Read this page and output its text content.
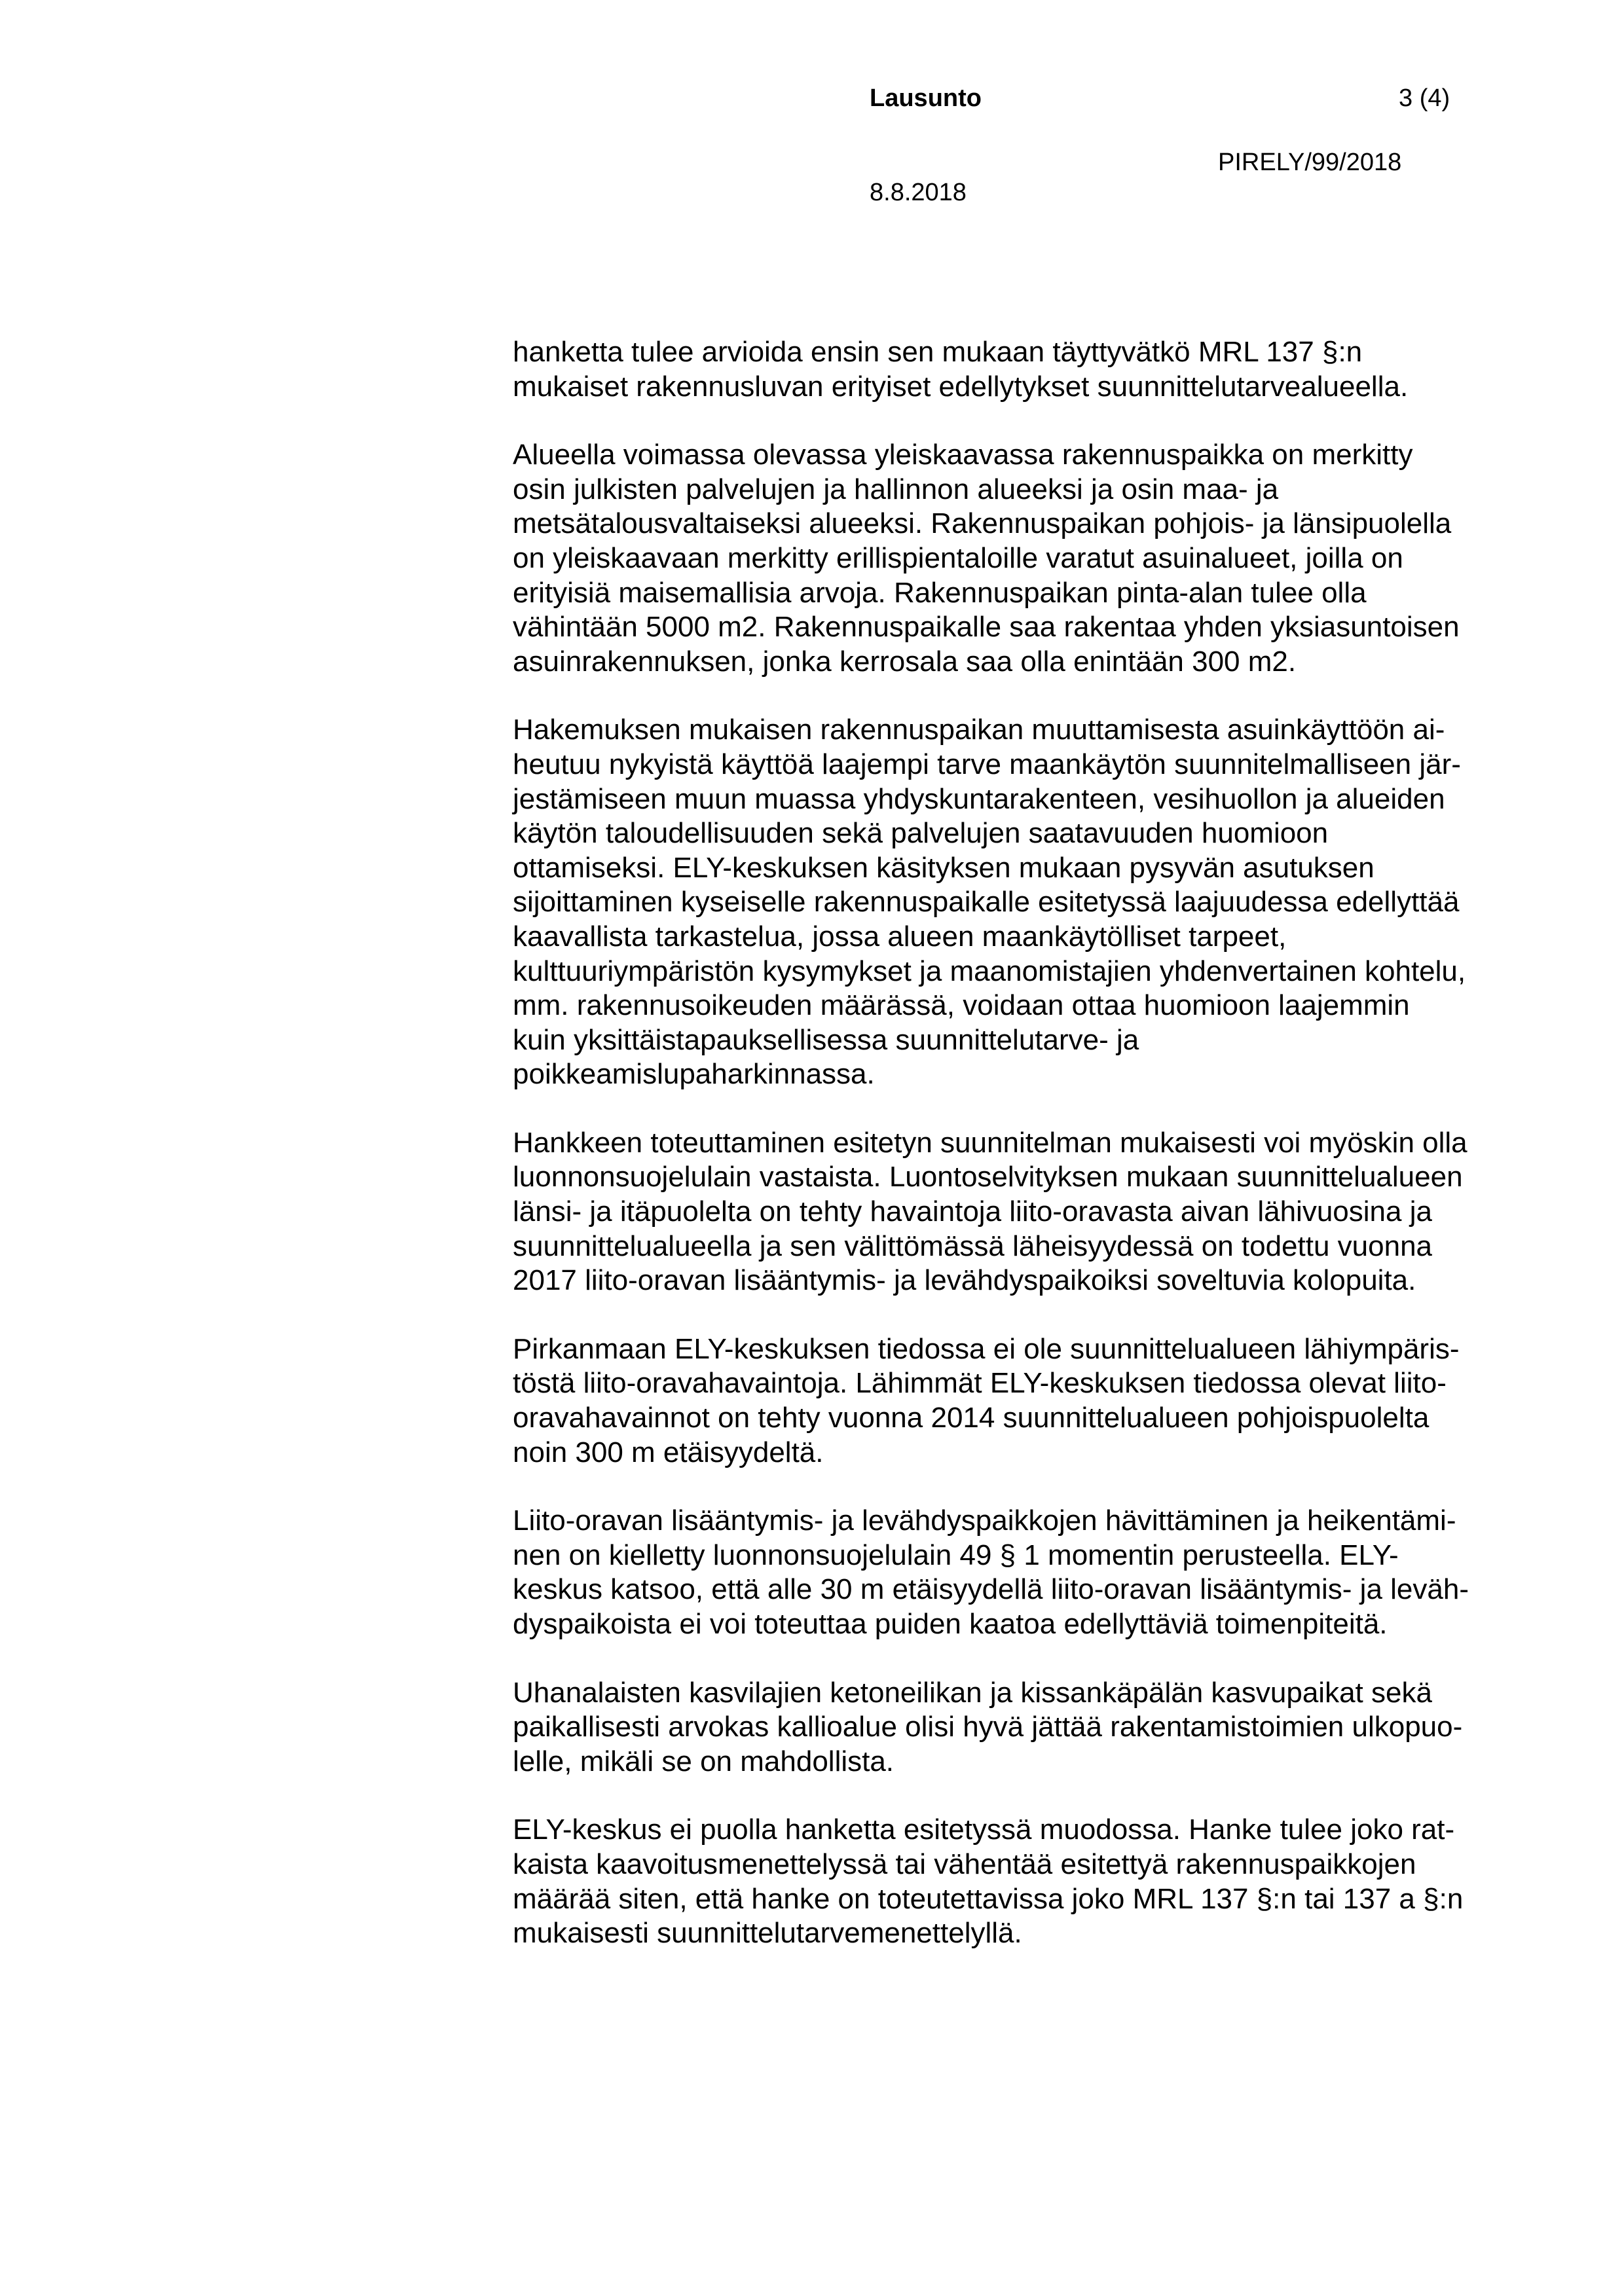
Lausunto	3 (4)
PIRELY/99/2018
8.8.2018
hanketta tulee arvioida ensin sen mukaan täyttyvätkö MRL 137 §:n
mukaiset rakennusluvan erityiset edellytykset suunnittelutarvealueella.
Alueella voimassa olevassa yleiskaavassa rakennuspaikka on merkitty
osin julkisten palvelujen ja hallinnon alueeksi ja osin maa- ja
metsätalousvaltaiseksi alueeksi. Rakennuspaikan pohjois- ja länsipuolella
on yleiskaavaan merkitty erillispientaloille varatut asuinalueet, joilla on
erityisiä maisemallisia arvoja. Rakennuspaikan pinta-alan tulee olla
vähintään 5000 m2. Rakennuspaikalle saa rakentaa yhden yksiasuntoisen
asuinrakennuksen, jonka kerrosala saa olla enintään 300 m2.
Hakemuksen mukaisen rakennuspaikan muuttamisesta asuinkäyttöön ai-
heutuu nykyistä käyttöä laajempi tarve maankäytön suunnitelmalliseen jär-
jestämiseen muun muassa yhdyskuntarakenteen, vesihuollon ja alueiden
käytön taloudellisuuden sekä palvelujen saatavuuden huomioon
ottamiseksi. ELY-keskuksen käsityksen mukaan pysyvän asutuksen
sijoittaminen kyseiselle rakennuspaikalle esitetyssä laajuudessa edellyttää
kaavallista tarkastelua, jossa alueen maankäytölliset tarpeet,
kulttuuriympäristön kysymykset ja maanomistajien yhdenvertainen kohtelu,
mm. rakennusoikeuden määrässä, voidaan ottaa huomioon laajemmin
kuin yksittäistapauksellisessa suunnittelutarve- ja
poikkeamislupaharkinnassa.
Hankkeen toteuttaminen esitetyn suunnitelman mukaisesti voi myöskin olla
luonnonsuojelulain vastaista. Luontoselvityksen mukaan suunnittelualueen
länsi- ja itäpuolelta on tehty havaintoja liito-oravasta aivan lähivuosina ja
suunnittelualueella ja sen välittömässä läheisyydessä on todettu vuonna
2017 liito-oravan lisääntymis- ja levähdyspaikoiksi soveltuvia kolopuita.
Pirkanmaan ELY-keskuksen tiedossa ei ole suunnittelualueen lähiympäris-
töstä liito-oravahavaintoja. Lähimmät ELY-keskuksen tiedossa olevat liito-
oravahavainnot on tehty vuonna 2014 suunnittelualueen pohjoispuolelta
noin 300 m etäisyydeltä.
Liito-oravan lisääntymis- ja levähdyspaikkojen hävittäminen ja heikentämi-
nen on kielletty luonnonsuojelulain 49 § 1 momentin perusteella. ELY-
keskus katsoo, että alle 30 m etäisyydellä liito-oravan lisääntymis- ja leväh-
dyspaikoista ei voi toteuttaa puiden kaatoa edellyttäviä toimenpiteitä.
Uhanalaisten kasvilajien ketoneilikan ja kissankäpälän kasvupaikat sekä
paikallisesti arvokas kallioalue olisi hyvä jättää rakentamistoimien ulkopuo-
lelle, mikäli se on mahdollista.
ELY-keskus ei puolla hanketta esitetyssä muodossa. Hanke tulee joko rat-
kaista kaavoitusmenettelyssä tai vähentää esitettyä rakennuspaikkojen
määrää siten, että hanke on toteutettavissa joko MRL 137 §:n tai 137 a §:n
mukaisesti suunnittelutarvemenettelyllä.
